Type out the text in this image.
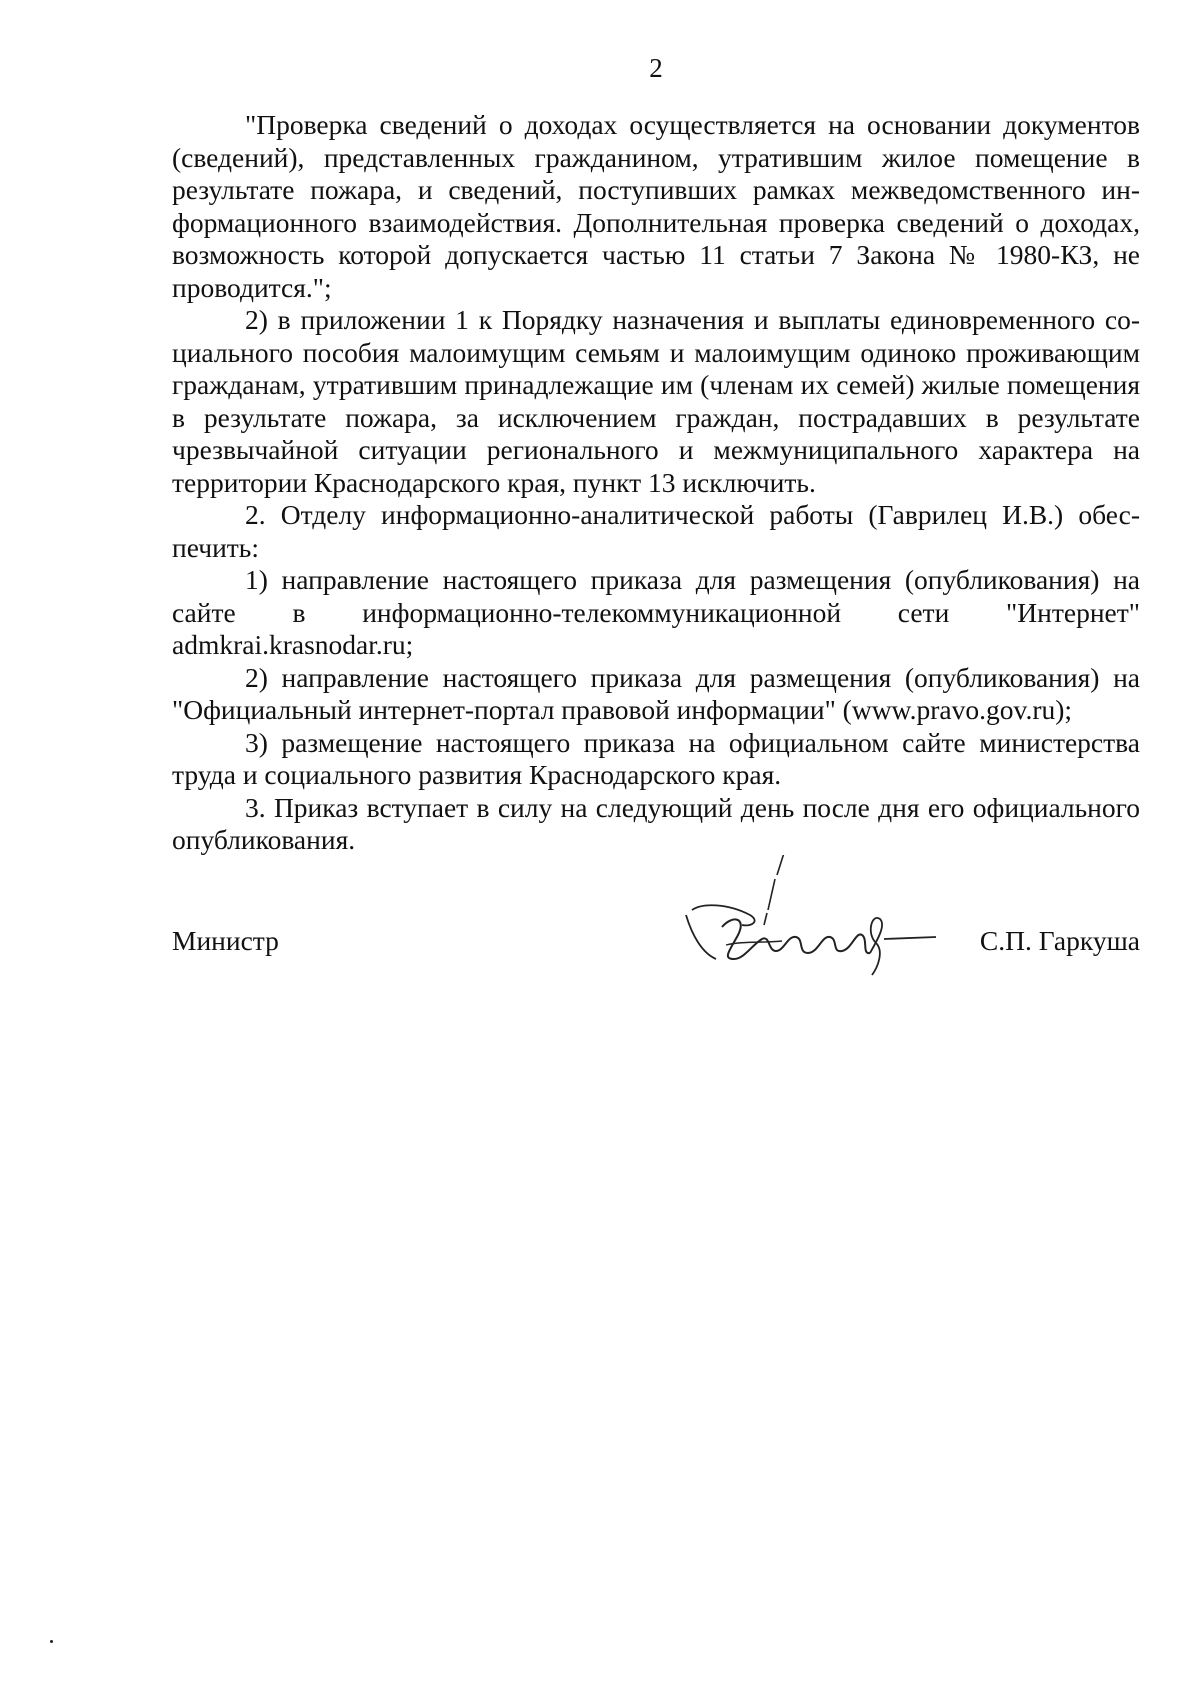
2

"Проверка сведений о доходах осуществляется на основании документов (сведений), представленных гражданином, утратившим жилое помещение в результате пожара, и сведений, поступивших рамках межведомственного информационного взаимодействия. Дополнительная проверка сведений о доходах, возможность которой допускается частью 11 статьи 7 Закона № 1980-КЗ, не проводится.";

2) в приложении 1 к Порядку назначения и выплаты единовременного социального пособия малоимущим семьям и малоимущим одиноко проживающим гражданам, утратившим принадлежащие им (членам их семей) жилые помещения в результате пожара, за исключением граждан, пострадавших в результате чрезвычайной ситуации регионального и межмуниципального характера на территории Краснодарского края, пункт 13 исключить.

2. Отделу информационно-аналитической работы (Гаврилец И.В.) обеспечить:

1) направление настоящего приказа для размещения (опубликования) на сайте в информационно-телекоммуникационной сети "Интернет" admkrai.krasnodar.ru;

2) направление настоящего приказа для размещения (опубликования) на "Официальный интернет-портал правовой информации" (www.pravo.gov.ru);

3) размещение настоящего приказа на официальном сайте министерства труда и социального развития Краснодарского края.

3. Приказ вступает в силу на следующий день после дня его официального опубликования.

Министр	С.П. Гаркуша
